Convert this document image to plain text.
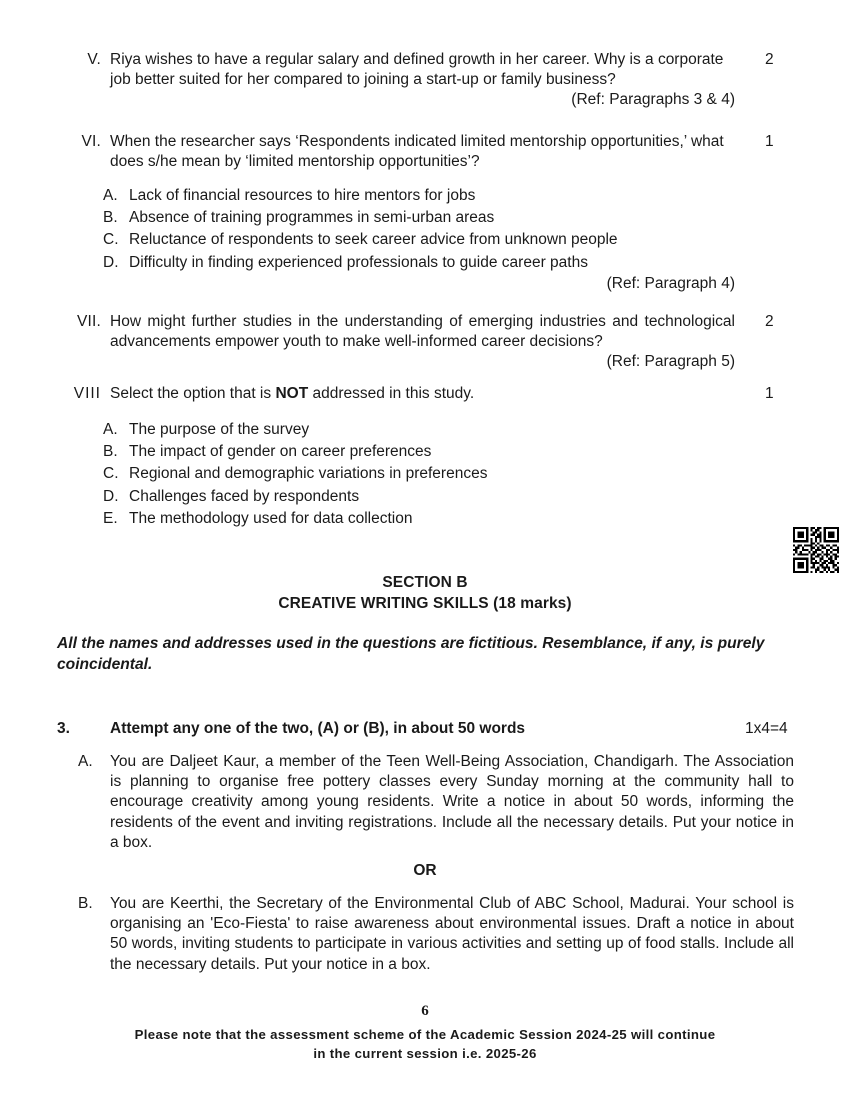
V. Riya wishes to have a regular salary and defined growth in her career. Why is a corporate job better suited for her compared to joining a start-up or family business?
(Ref: Paragraphs 3 & 4)
2
VI. When the researcher says ‘Respondents indicated limited mentorship opportunities,’ what does s/he mean by ‘limited mentorship opportunities’?
1
A. Lack of financial resources to hire mentors for jobs
B. Absence of training programmes in semi-urban areas
C. Reluctance of respondents to seek career advice from unknown people
D. Difficulty in finding experienced professionals to guide career paths
(Ref: Paragraph 4)
VII. How might further studies in the understanding of emerging industries and technological advancements empower youth to make well-informed career decisions?
(Ref: Paragraph 5)
2
VIII Select the option that is NOT addressed in this study.	1
A. The purpose of the survey
B. The impact of gender on career preferences
C. Regional and demographic variations in preferences
D. Challenges faced by respondents
E. The methodology used for data collection
SECTION B
CREATIVE WRITING SKILLS (18 marks)
All the names and addresses used in the questions are fictitious. Resemblance, if any, is purely coincidental.
3.	Attempt any one of the two, (A) or (B), in about 50 words	1x4=4
A.	You are Daljeet Kaur, a member of the Teen Well-Being Association, Chandigarh. The Association is planning to organise free pottery classes every Sunday morning at the community hall to encourage creativity among young residents. Write a notice in about 50 words, informing the residents of the event and inviting registrations. Include all the necessary details. Put your notice in a box.
OR
B.	You are Keerthi, the Secretary of the Environmental Club of ABC School, Madurai. Your school is organising an 'Eco-Fiesta' to raise awareness about environmental issues. Draft a notice in about 50 words, inviting students to participate in various activities and setting up of food stalls. Include all the necessary details. Put your notice in a box.
6
Please note that the assessment scheme of the Academic Session 2024-25 will continue
in the current session i.e. 2025-26
